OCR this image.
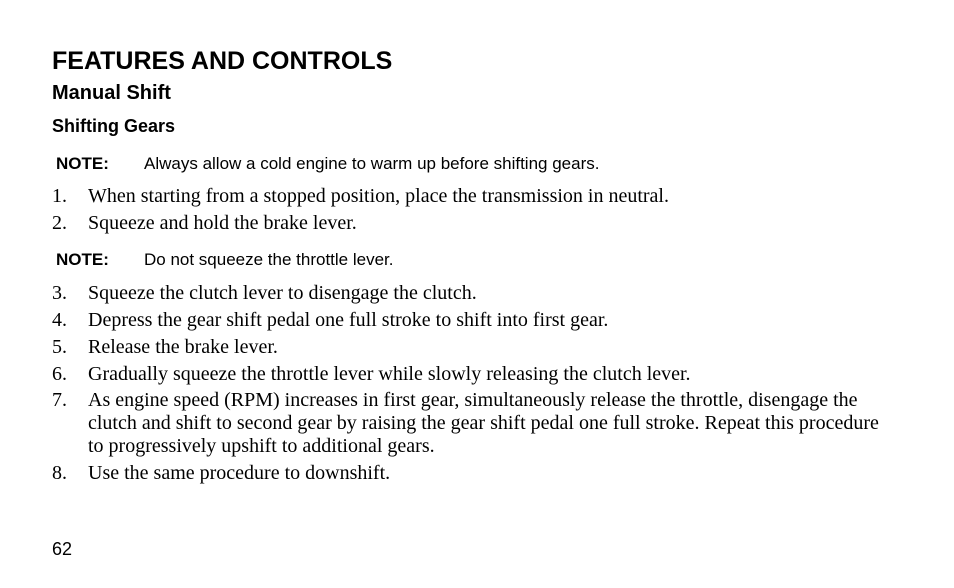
FEATURES AND CONTROLS
Manual Shift
Shifting Gears
NOTE: Always allow a cold engine to warm up before shifting gears.
1.	When starting from a stopped position, place the transmission in neutral.
2.	Squeeze and hold the brake lever.
NOTE: Do not squeeze the throttle lever.
3.	Squeeze the clutch lever to disengage the clutch.
4.	Depress the gear shift pedal one full stroke to shift into first gear.
5.	Release the brake lever.
6.	Gradually squeeze the throttle lever while slowly releasing the clutch lever.
7.	As engine speed (RPM) increases in first gear, simultaneously release the throttle, disengage the clutch and shift to second gear by raising the gear shift pedal one full stroke. Repeat this procedure to progressively upshift to additional gears.
8.	Use the same procedure to downshift.
62
